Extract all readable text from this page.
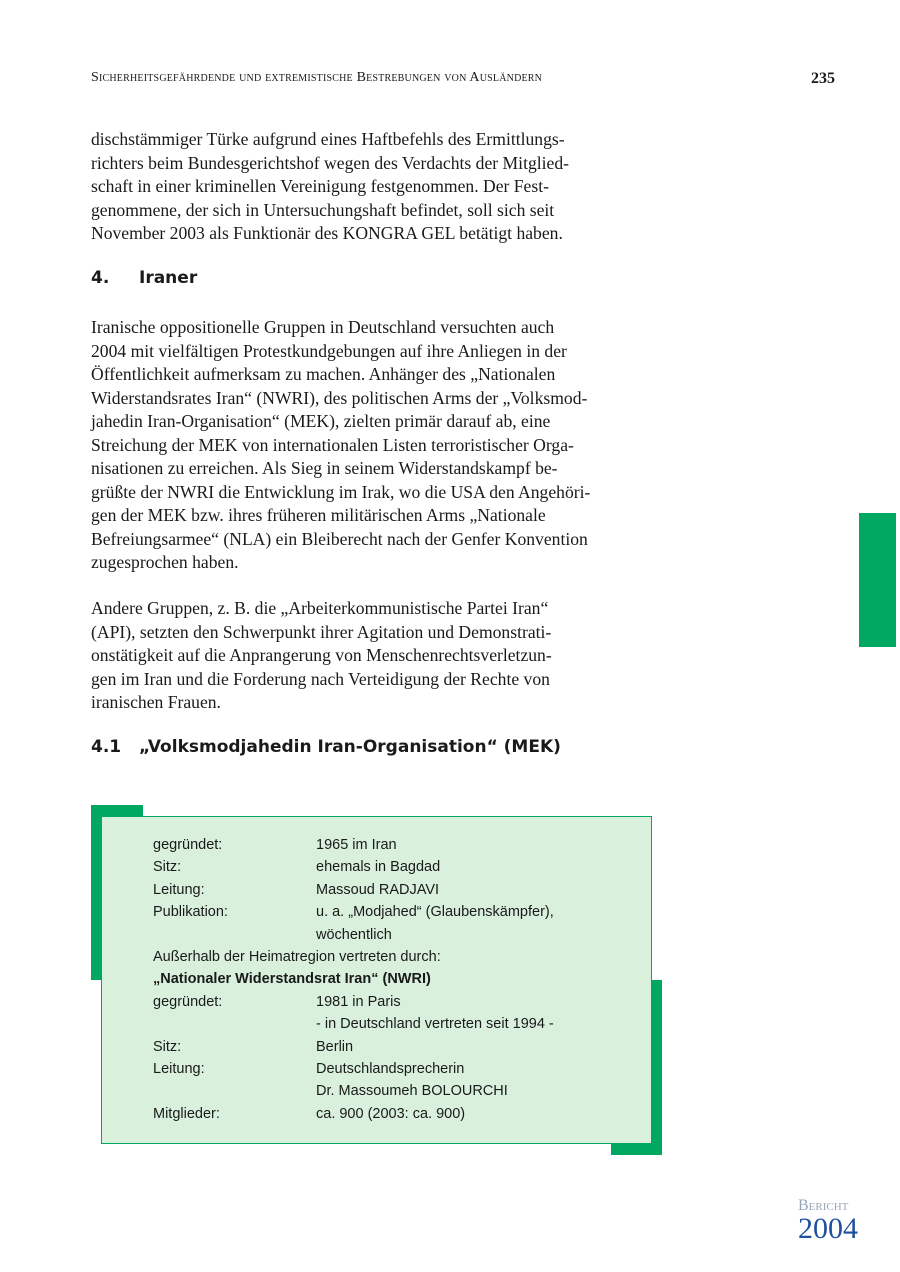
Sicherheitsgefährdende und extremistische Bestrebungen von Ausländern	235
dischstämmiger Türke aufgrund eines Haftbefehls des Ermittlungs-
richters beim Bundesgerichtshof wegen des Verdachts der Mitglied-
schaft in einer kriminellen Vereinigung festgenommen. Der Fest-
genommene, der sich in Untersuchungshaft befindet, soll sich seit
November 2003 als Funktionär des KONGRA GEL betätigt haben.
4. Iraner
Iranische oppositionelle Gruppen in Deutschland versuchten auch
2004 mit vielfältigen Protestkundgebungen auf ihre Anliegen in der
Öffentlichkeit aufmerksam zu machen. Anhänger des „Nationalen
Widerstandsrates Iran“ (NWRI), des politischen Arms der „Volksmod-
jahedin Iran-Organisation“ (MEK), zielten primär darauf ab, eine
Streichung der MEK von internationalen Listen terroristischer Orga-
nisationen zu erreichen. Als Sieg in seinem Widerstandskampf be-
grüßte der NWRI die Entwicklung im Irak, wo die USA den Angehöri-
gen der MEK bzw. ihres früheren militärischen Arms „Nationale
Befreiungsarmee“ (NLA) ein Bleiberecht nach der Genfer Konvention
zugesprochen haben.
Andere Gruppen, z. B. die „Arbeiterkommunistische Partei Iran“
(API), setzten den Schwerpunkt ihrer Agitation und Demonstrati-
onstätigkeit auf die Anprangerung von Menschenrechtsverletzun-
gen im Iran und die Forderung nach Verteidigung der Rechte von
iranischen Frauen.
4.1 „Volksmodjahedin Iran-Organisation“ (MEK)
gegründet:	1965 im Iran
Sitz:	ehemals in Bagdad
Leitung:	Massoud RADJAVI
Publikation:	u. a. „Modjahed“ (Glaubenskämpfer),
wöchentlich
Außerhalb der Heimatregion vertreten durch:
„Nationaler Widerstandsrat Iran“ (NWRI)
gegründet:	1981 in Paris
- in Deutschland vertreten seit 1994 -
Sitz:	Berlin
Leitung:	Deutschlandsprecherin
Dr. Massoumeh BOLOURCHI
Mitglieder:	ca. 900 (2003: ca. 900)
Bericht
2004
